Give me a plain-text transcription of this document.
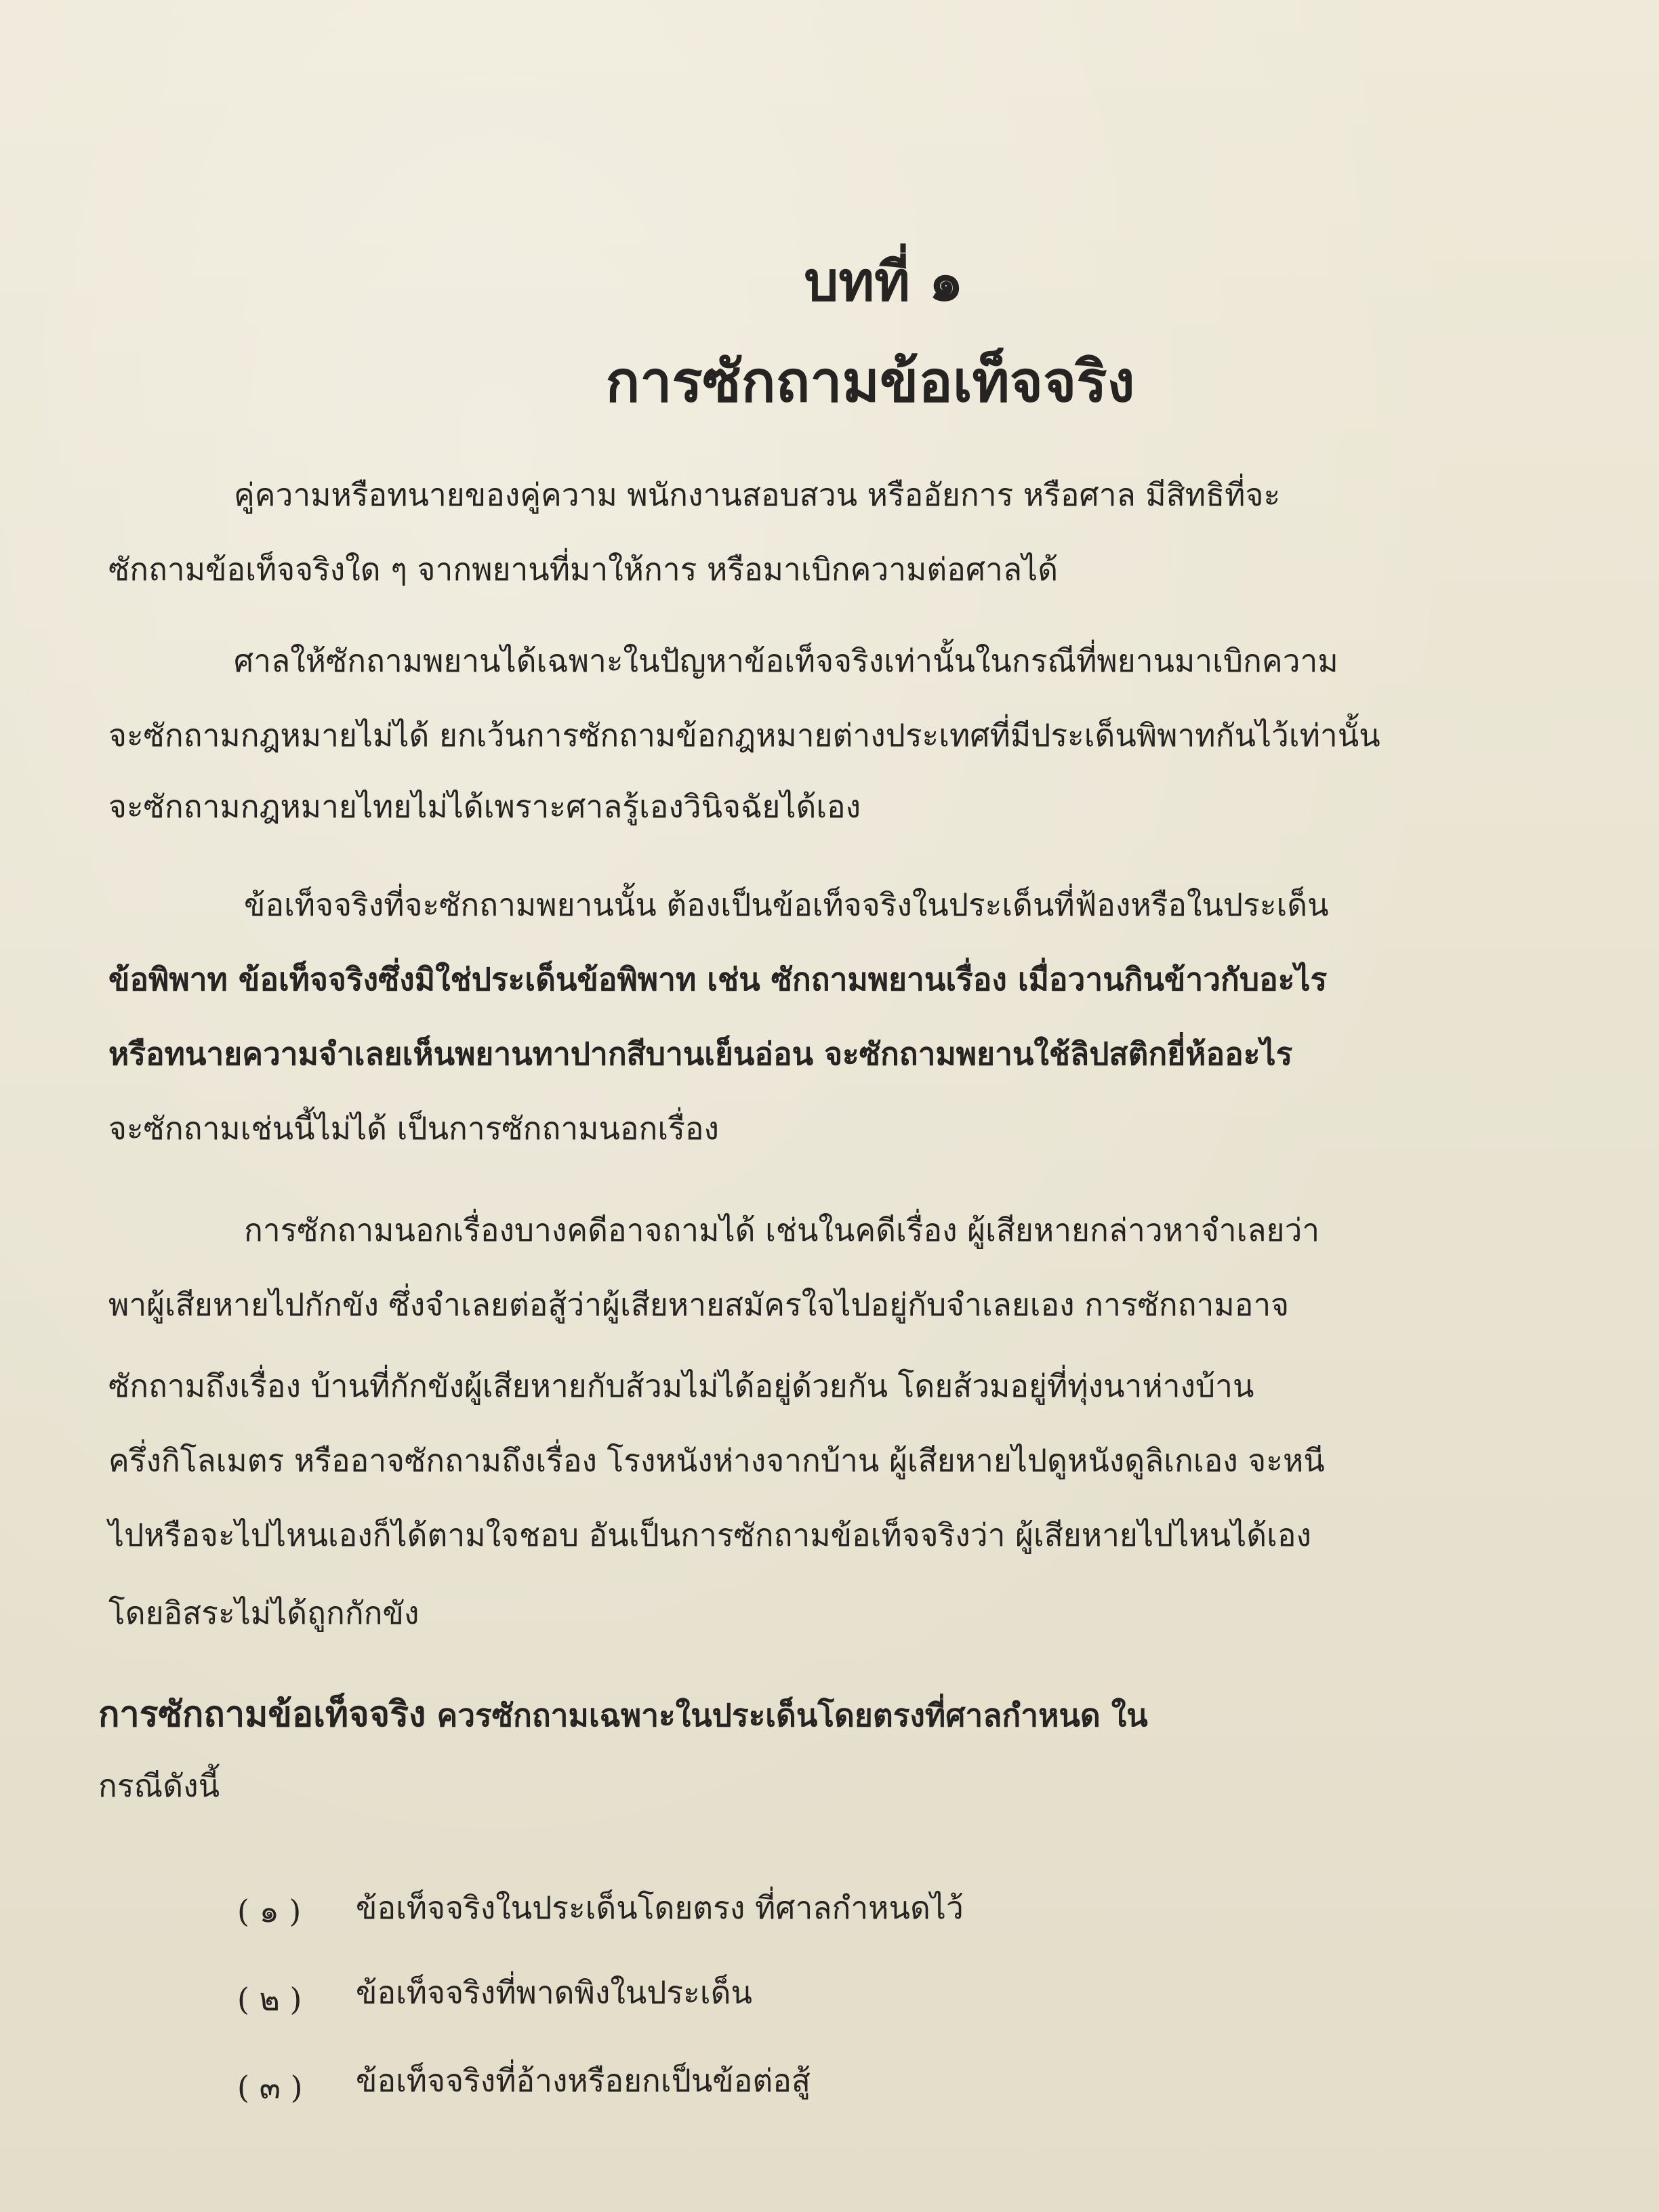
บทที่ ๑
การซักถามข้อเท็จจริง
คู่ความหรือทนายของคู่ความ พนักงานสอบสวน หรืออัยการ หรือศาล มีสิทธิที่จะ
ซักถามข้อเท็จจริงใด ๆ จากพยานที่มาให้การ หรือมาเบิกความต่อศาลได้
ศาลให้ซักถามพยานได้เฉพาะในปัญหาข้อเท็จจริงเท่านั้นในกรณีที่พยานมาเบิกความ
จะซักถามกฎหมายไม่ได้ ยกเว้นการซักถามข้อกฎหมายต่างประเทศที่มีประเด็นพิพาทกันไว้เท่านั้น
จะซักถามกฎหมายไทยไม่ได้เพราะศาลรู้เองวินิจฉัยได้เอง
ข้อเท็จจริงที่จะซักถามพยานนั้น ต้องเป็นข้อเท็จจริงในประเด็นที่ฟ้องหรือในประเด็น
ข้อพิพาท ข้อเท็จจริงซึ่งมิใช่ประเด็นข้อพิพาท เช่น ซักถามพยานเรื่อง เมื่อวานกินข้าวกับอะไร
หรือทนายความจำเลยเห็นพยานทาปากสีบานเย็นอ่อน จะซักถามพยานใช้ลิปสติกยี่ห้ออะไร
จะซักถามเช่นนี้ไม่ได้ เป็นการซักถามนอกเรื่อง
การซักถามนอกเรื่องบางคดีอาจถามได้ เช่นในคดีเรื่อง ผู้เสียหายกล่าวหาจำเลยว่า
พาผู้เสียหายไปกักขัง ซึ่งจำเลยต่อสู้ว่าผู้เสียหายสมัครใจไปอยู่กับจำเลยเอง การซักถามอาจ
ซักถามถึงเรื่อง บ้านที่กักขังผู้เสียหายกับส้วมไม่ได้อยู่ด้วยกัน โดยส้วมอยู่ที่ทุ่งนาห่างบ้าน
ครึ่งกิโลเมตร หรืออาจซักถามถึงเรื่อง โรงหนังห่างจากบ้าน ผู้เสียหายไปดูหนังดูลิเกเอง จะหนี
ไปหรือจะไปไหนเองก็ได้ตามใจชอบ อันเป็นการซักถามข้อเท็จจริงว่า ผู้เสียหายไปไหนได้เอง
โดยอิสระไม่ได้ถูกกักขัง
การซักถามข้อเท็จจริง ควรซักถามเฉพาะในประเด็นโดยตรงที่ศาลกำหนด ใน
กรณีดังนี้
( ๑ ) ข้อเท็จจริงในประเด็นโดยตรง ที่ศาลกำหนดไว้
( ๒ ) ข้อเท็จจริงที่พาดพิงในประเด็น
( ๓ ) ข้อเท็จจริงที่อ้างหรือยกเป็นข้อต่อสู้
